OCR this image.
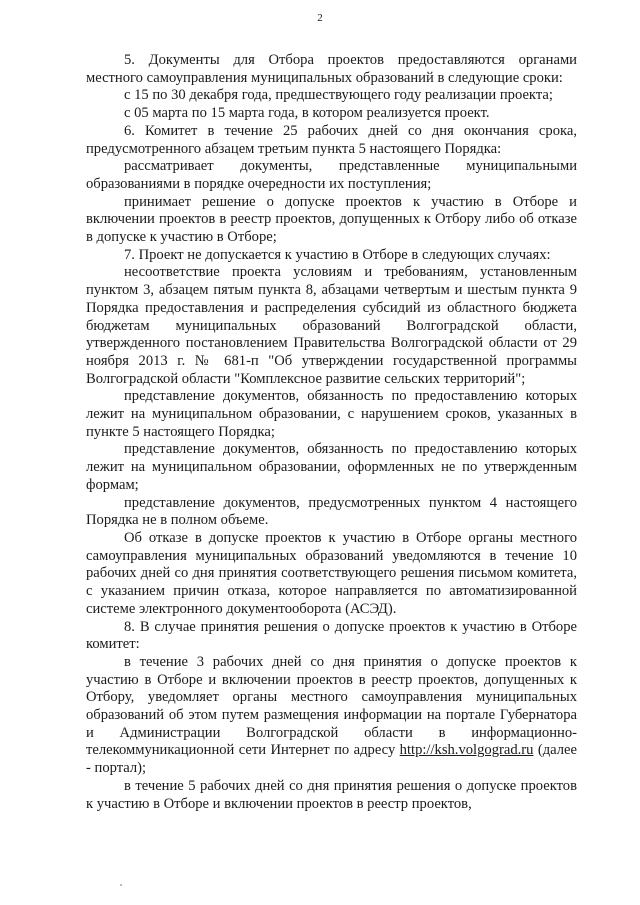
2

5. Документы для Отбора проектов предоставляются органами местного самоуправления муниципальных образований в следующие сроки:

с 15 по 30 декабря года, предшествующего году реализации проекта;

с 05 марта по 15 марта года, в котором реализуется проект.

6. Комитет в течение 25 рабочих дней со дня окончания срока, предусмотренного абзацем третьим пункта 5 настоящего Порядка:

рассматривает документы, представленные муниципальными образованиями в порядке очередности их поступления;

принимает решение о допуске проектов к участию в Отборе и включении проектов в реестр проектов, допущенных к Отбору либо об отказе в допуске к участию в Отборе;

7. Проект не допускается к участию в Отборе в следующих случаях:

несоответствие проекта условиям и требованиям, установленным пунктом 3, абзацем пятым пункта 8, абзацами четвертым и шестым пункта 9 Порядка предоставления и распределения субсидий из областного бюджета бюджетам муниципальных образований Волгоградской области, утвержденного постановлением Правительства Волгоградской области от 29 ноября 2013 г. № 681-п "Об утверждении государственной программы Волгоградской области "Комплексное развитие сельских территорий";

представление документов, обязанность по предоставлению которых лежит на муниципальном образовании, с нарушением сроков, указанных в пункте 5 настоящего Порядка;

представление документов, обязанность по предоставлению которых лежит на муниципальном образовании, оформленных не по утвержденным формам;

представление документов, предусмотренных пунктом 4 настоящего Порядка не в полном объеме.

Об отказе в допуске проектов к участию в Отборе органы местного самоуправления муниципальных образований уведомляются в течение 10 рабочих дней со дня принятия соответствующего решения письмом комитета, с указанием причин отказа, которое направляется по автоматизированной системе электронного документооборота (АСЭД).

8. В случае принятия решения о допуске проектов к участию в Отборе комитет:

в течение 3 рабочих дней со дня принятия о допуске проектов к участию в Отборе и включении проектов в реестр проектов, допущенных к Отбору, уведомляет органы местного самоуправления муниципальных образований об этом путем размещения информации на портале Губернатора и Администрации Волгоградской области в информационно-телекоммуникационной сети Интернет по адресу http://ksh.volgograd.ru (далее - портал);

в течение 5 рабочих дней со дня принятия решения о допуске проектов к участию в Отборе и включении проектов в реестр проектов,
